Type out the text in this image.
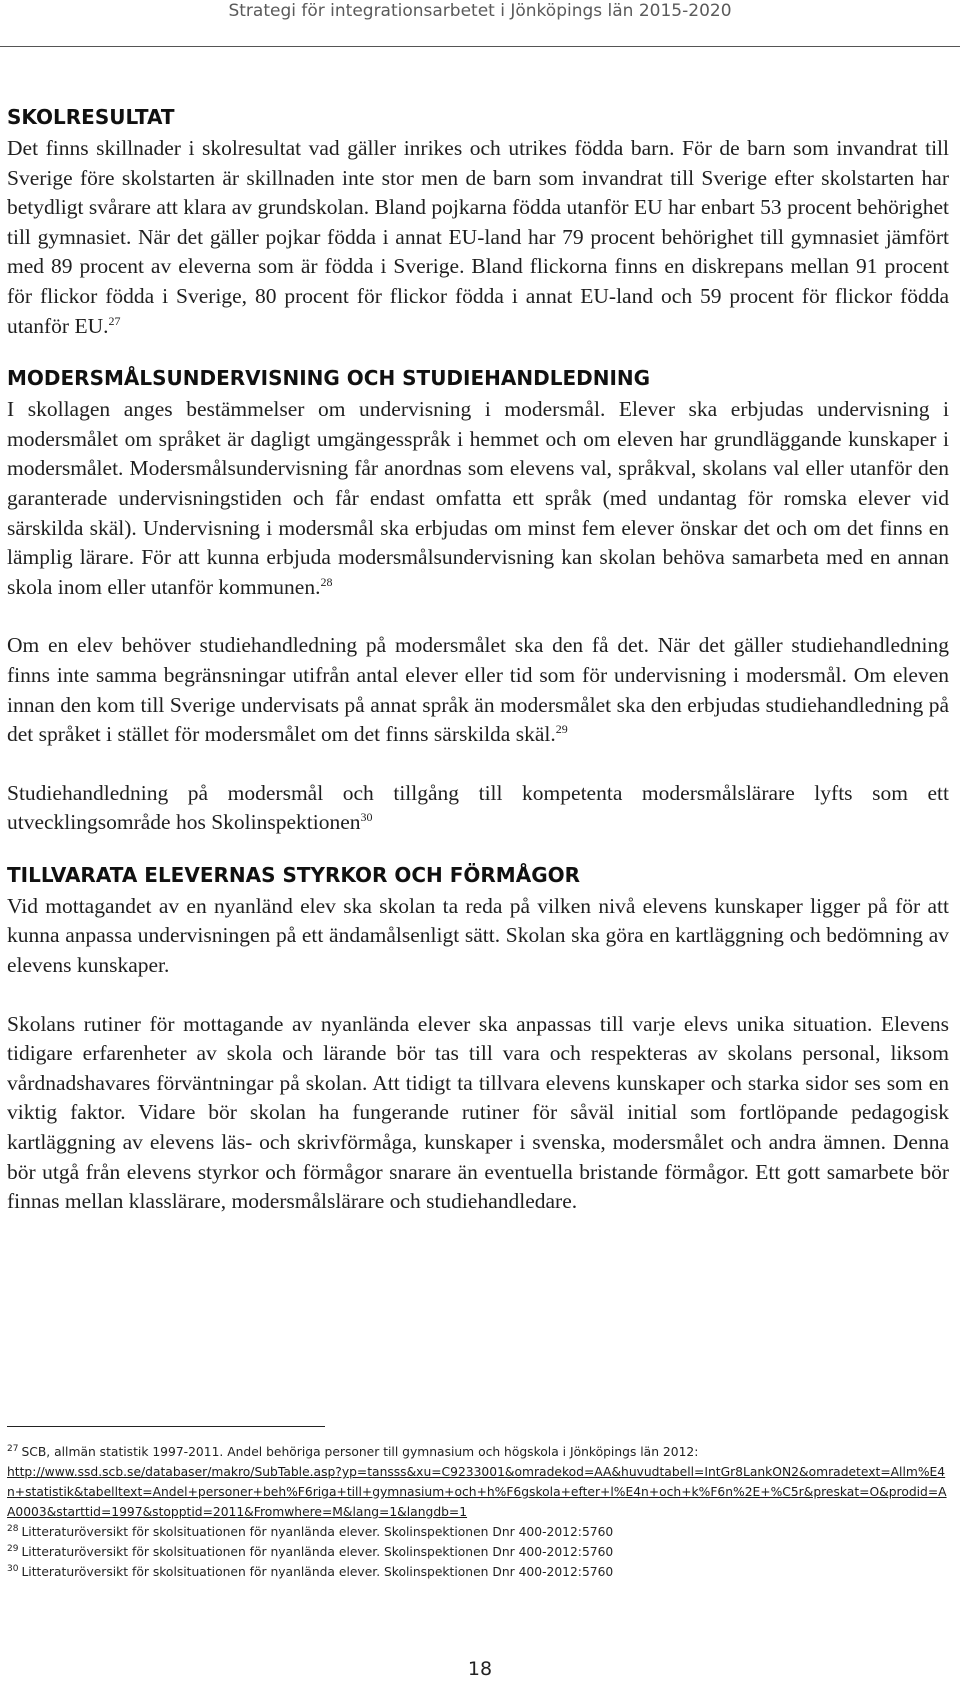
Strategi för integrationsarbetet i Jönköpings län 2015-2020
SKOLRESULTAT

Det finns skillnader i skolresultat vad gäller inrikes och utrikes födda barn. För de barn som invandrat till Sverige före skolstarten är skillnaden inte stor men de barn som invandrat till Sverige efter skolstarten har betydligt svårare att klara av grundskolan. Bland pojkarna födda utanför EU har enbart 53 procent behörighet till gymnasiet. När det gäller pojkar födda i annat EU-land har 79 procent behörighet till gymnasiet jämfört med 89 procent av eleverna som är födda i Sverige. Bland flickorna finns en diskrepans mellan 91 procent för flickor födda i Sverige, 80 procent för flickor födda i annat EU-land och 59 procent för flickor födda utanför EU.$^{27}$

MODERSMÅLSUNDERVISNING OCH STUDIEHANDLEDNING

I skollagen anges bestämmelser om undervisning i modersmål. Elever ska erbjudas undervisning i modersmålet om språket är dagligt umgängesspråk i hemmet och om eleven har grundläggande kunskaper i modersmålet. Modersmålsundervisning får anordnas som elevens val, språkval, skolans val eller utanför den garanterade undervisningstiden och får endast omfatta ett språk (med undantag för romska elever vid särskilda skäl). Undervisning i modersmål ska erbjudas om minst fem elever önskar det och om det finns en lämplig lärare. För att kunna erbjuda modersmålsundervisning kan skolan behöva samarbeta med en annan skola inom eller utanför kommunen.$^{28}$

Om en elev behöver studiehandledning på modersmålet ska den få det. När det gäller studiehandledning finns inte samma begränsningar utifrån antal elever eller tid som för undervisning i modersmål. Om eleven innan den kom till Sverige undervisats på annat språk än modersmålet ska den erbjudas studiehandledning på det språket i stället för modersmålet om det finns särskilda skäl.$^{29}$

Studiehandledning på modersmål och tillgång till kompetenta modersmålslärare lyfts som ett utvecklingsområde hos Skolinspektionen$^{30}$

TILLVARATA ELEVERNAS STYRKOR OCH FÖRMÅGOR

Vid mottagandet av en nyanländ elev ska skolan ta reda på vilken nivå elevens kunskaper ligger på för att kunna anpassa undervisningen på ett ändamålsenligt sätt. Skolan ska göra en kartläggning och bedömning av elevens kunskaper.

Skolans rutiner för mottagande av nyanlända elever ska anpassas till varje elevs unika situation. Elevens tidigare erfarenheter av skola och lärande bör tas till vara och respekteras av skolans personal, liksom vårdnadshavares förväntningar på skolan. Att tidigt ta tillvara elevens kunskaper och starka sidor ses som en viktig faktor. Vidare bör skolan ha fungerande rutiner för såväl initial som fortlöpande pedagogisk kartläggning av elevens läs- och skrivförmåga, kunskaper i svenska, modersmålet och andra ämnen. Denna bör utgå från elevens styrkor och förmågor snarare än eventuella bristande förmågor. Ett gott samarbete bör finnas mellan klasslärare, modersmålslärare och studiehandledare.

$^{27}$ SCB, allmän statistik 1997-2011. Andel behöriga personer till gymnasium och högskola i Jönköpings län 2012:
http://www.ssd.scb.se/databaser/makro/SubTable.asp?yp=tansss&xu=C9233001&omradekod=AA&huvudtabell=IntGr8LankON2&omradetext=Allm%E4n+statistik&tabelltext=Andel+personer+beh%F6riga+till+gymnasium+och+h%F6gskola+efter+l%E4n+och+k%F6n%2E+%C5r&preskat=O&prodid=AA0003&starttid=1997&stopptid=2011&Fromwhere=M&lang=1&langdb=1

$^{28}$ Litteraturöversikt för skolsituationen för nyanlända elever. Skolinspektionen Dnr 400-2012:5760

$^{29}$ Litteraturöversikt för skolsituationen för nyanlända elever. Skolinspektionen Dnr 400-2012:5760

$^{30}$ Litteraturöversikt för skolsituationen för nyanlända elever. Skolinspektionen Dnr 400-2012:5760

18
